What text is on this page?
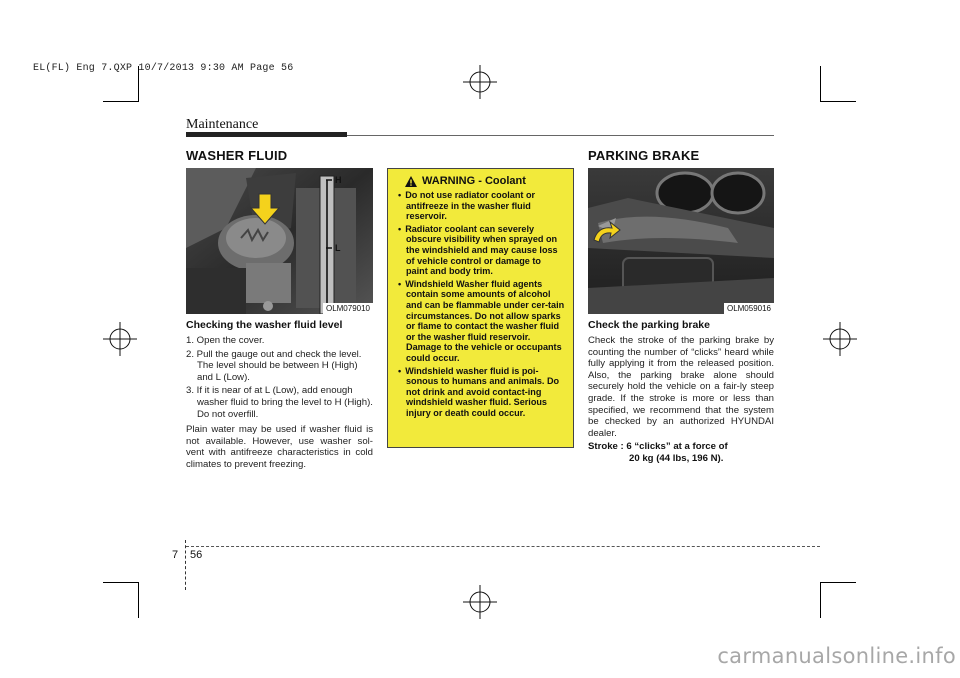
EL(FL) Eng 7.QXP 10/7/2013 9:30 AM Page 56
Maintenance
WASHER FLUID
H
L
OLM079010
Checking the washer fluid level
1. Open the cover.
2. Pull the gauge out and check the level. The level should be between H (High) and L (Low).
3. If it is near of at L (Low), add enough washer fluid to bring the level to H (High). Do not overfill.
Plain water may be used if washer fluid is not available. However, use washer sol-vent with antifreeze characteristics in cold climates to prevent freezing.
WARNING - Coolant
• Do not use radiator coolant or antifreeze in the washer fluid reservoir.
• Radiator coolant can severely obscure visibility when sprayed on the windshield and may cause loss of vehicle control or damage to paint and body trim.
• Windshield Washer fluid agents contain some amounts of alcohol and can be flammable under cer-tain circumstances. Do not allow sparks or flame to contact the washer fluid or the washer fluid reservoir. Damage to the vehicle or occupants could occur.
• Windshield washer fluid is poi-sonous to humans and animals. Do not drink and avoid contact-ing windshield washer fluid. Serious injury or death could occur.
PARKING BRAKE
OLM059016
Check the parking brake
Check the stroke of the parking brake by counting the number of “clicks” heard while fully applying it from the released position. Also, the parking brake alone should securely hold the vehicle on a fair-ly steep grade. If the stroke is more or less than specified, we recommend that the system be checked by an authorized HYUNDAI dealer.
Stroke : 6 “clicks” at a force of
20 kg (44 lbs, 196 N).
7 56
carmanualsonline.info
